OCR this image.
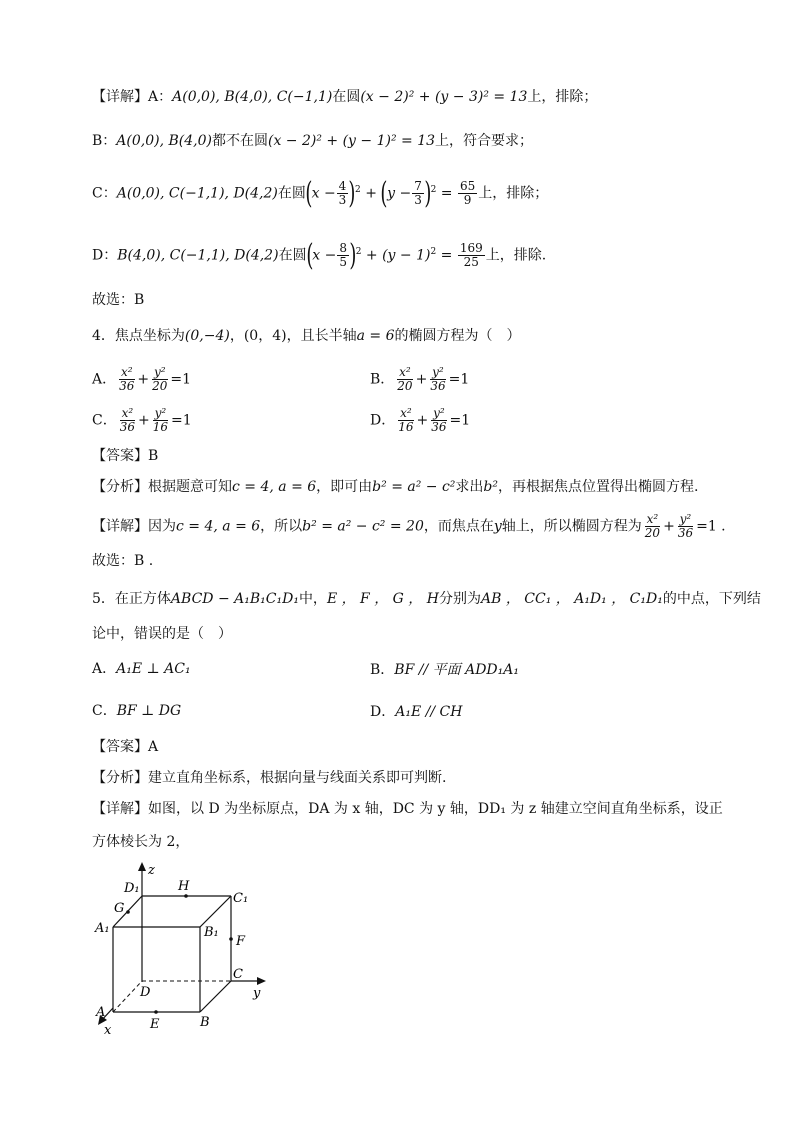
【详解】A：A(0,0), B(4,0), C(−1,1)在圆(x − 2)² + (y − 3)² = 13上，排除；
B：A(0,0), B(4,0)都不在圆(x − 2)² + (y − 1)² = 13上，符合要求；
C：A(0,0), C(−1,1), D(4,2)在圆$(x - \frac{4}{3} )^2 + (y - \frac{7}{3} )^2 = \frac{65}{9}$ 上，排除；
D：B(4,0), C(−1,1), D(4,2)在圆$(x - \frac{8}{5} )^2 + (y - 1)^2 = \frac{169}{25}$ 上，排除.
故选：B
4．焦点坐标为(0,−4)，(0，4)，且长半轴a = 6的椭圆方程为（　）
A． $\frac{\text{x²}}{36} + \frac{\text{y²}}{20} =1$	B． $\frac{\text{x²}}{20} + \frac{\text{y²}}{36} =1$
C． $\frac{\text{x²}}{36} + \frac{\text{y²}}{16} =1$	D． $\frac{\text{x²}}{16} + \frac{\text{y²}}{36} =1$
【答案】B
【分析】根据题意可知c = 4, a = 6，即可由b² = a² − c²求出b²，再根据焦点位置得出椭圆方程.
【详解】因为c = 4, a = 6，所以b² = a² − c² = 20，而焦点在y轴上，所以椭圆方程为 $\frac{\text{x²}}{20} + \frac{\text{y²}}{36} =1$ .
故选：B .
5．在正方体ABCD − A₁B₁C₁D₁中，E ， F ， G ， H分别为AB ， CC₁ ， A₁D₁ ， C₁D₁的中点，下列结
论中，错误的是（　）
A．A₁E ⊥ AC₁	B．BF // 平面 ADD₁A₁
C．BF ⊥ DG	D．A₁E // CH
【答案】A
【分析】建立直角坐标系，根据向量与线面关系即可判断.
【详解】如图，以 D 为坐标原点，DA 为 x 轴，DC 为 y 轴，DD₁ 为 z 轴建立空间直角坐标系，设正
方体棱长为 2，
z
D₁	H
C₁
G
A₁	B₁
F
C
D	y
A
E	B
x
